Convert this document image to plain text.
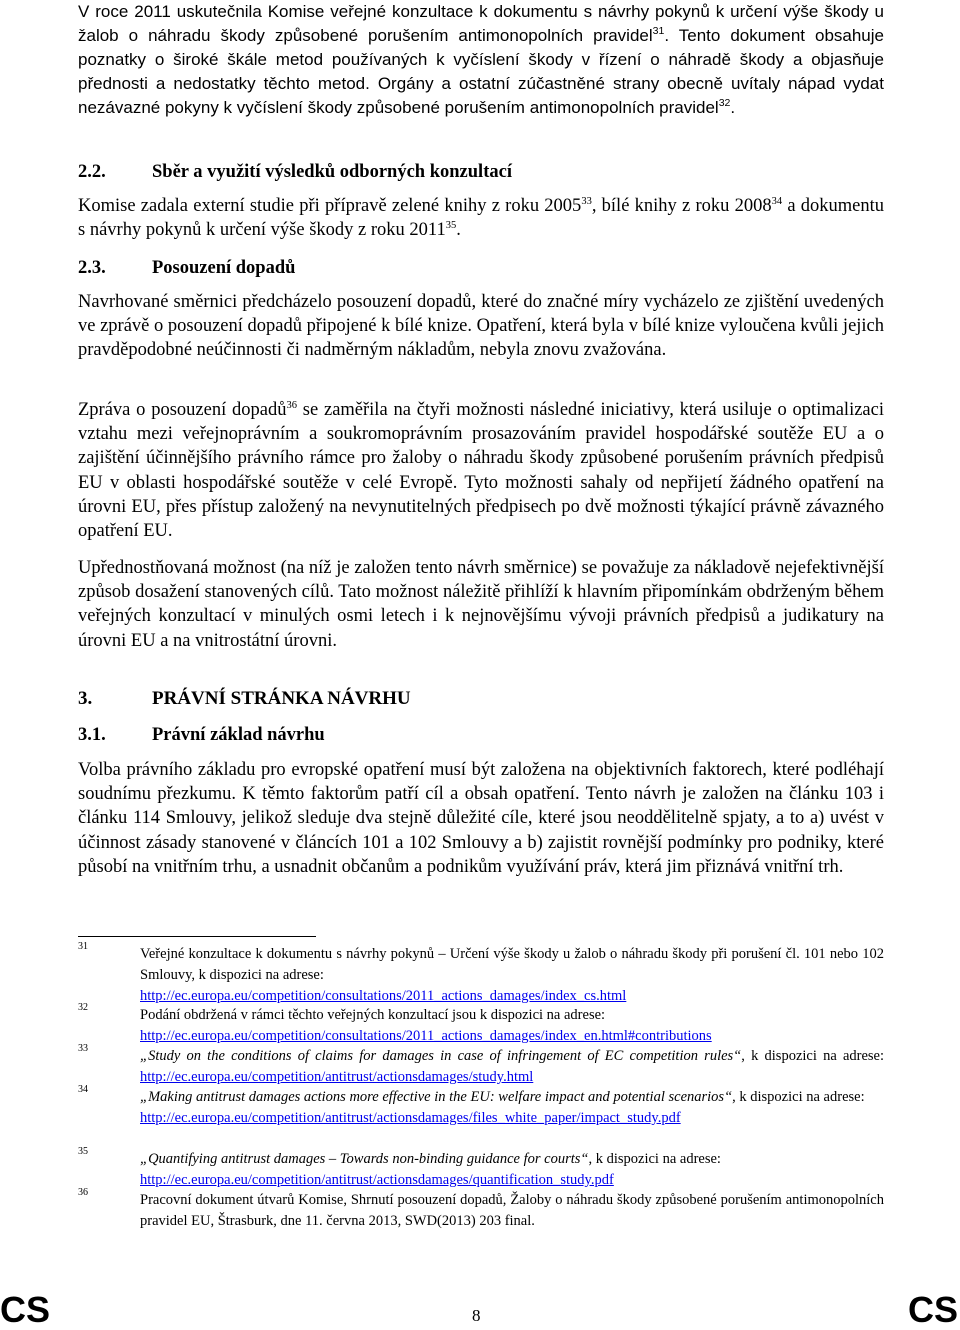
V roce 2011 uskutečnila Komise veřejné konzultace k dokumentu s návrhy pokynů k určení výše škody u žalob o náhradu škody způsobené porušením antimonopolních pravidel$^{31}$. Tento dokument obsahuje poznatky o široké škále metod používaných k vyčíslení škody v řízení o náhradě škody a objasňuje přednosti a nedostatky těchto metod. Orgány a ostatní zúčastněné strany obecně uvítaly nápad vydat nezávazné pokyny k vyčíslení škody způsobené porušením antimonopolních pravidel$^{32}$.

2.2.	Sběr a využití výsledků odborných konzultací

Komise zadala externí studie při přípravě zelené knihy z roku 2005$^{33}$, bílé knihy z roku 2008$^{34}$ a dokumentu s návrhy pokynů k určení výše škody z roku 2011$^{35}$.

2.3.	Posouzení dopadů

Navrhované směrnici předcházelo posouzení dopadů, které do značné míry vycházelo ze zjištění uvedených ve zprávě o posouzení dopadů připojené k bílé knize. Opatření, která byla v bílé knize vyloučena kvůli jejich pravděpodobné neúčinnosti či nadměrným nákladům, nebyla znovu zvažována.

Zpráva o posouzení dopadů$^{36}$ se zaměřila na čtyři možnosti následné iniciativy, která usiluje o optimalizaci vztahu mezi veřejnoprávním a soukromoprávním prosazováním pravidel hospodářské soutěže EU a o zajištění účinnějšího právního rámce pro žaloby o náhradu škody způsobené porušením právních předpisů EU v oblasti hospodářské soutěže v celé Evropě. Tyto možnosti sahaly od nepřijetí žádného opatření na úrovni EU, přes přístup založený na nevynutitelných předpisech po dvě možnosti týkající právně závazného opatření EU.

Upřednostňovaná možnost (na níž je založen tento návrh směrnice) se považuje za nákladově nejefektivnější způsob dosažení stanovených cílů. Tato možnost náležitě přihlíží k hlavním připomínkám obdrženým během veřejných konzultací v minulých osmi letech i k nejnovějšímu vývoji právních předpisů a judikatury na úrovni EU a na vnitrostátní úrovni.

3.	PRÁVNÍ STRÁNKA NÁVRHU
3.1.	Právní základ návrhu

Volba právního základu pro evropské opatření musí být založena na objektivních faktorech, které podléhají soudnímu přezkumu. K těmto faktorům patří cíl a obsah opatření. Tento návrh je založen na článku 103 i článku 114 Smlouvy, jelikož sleduje dva stejně důležité cíle, které jsou neoddělitelně spjaty, a to a) uvést v účinnost zásady stanovené v článcích 101 a 102 Smlouvy a b) zajistit rovnější podmínky pro podniky, které působí na vnitřním trhu, a usnadnit občanům a podnikům využívání práv, která jim přiznává vnitřní trh.

31	Veřejné konzultace k dokumentu s návrhy pokynů – Určení výše škody u žalob o náhradu škody při porušení čl. 101 nebo 102 Smlouvy, k dispozici na adrese:
http://ec.europa.eu/competition/consultations/2011_actions_damages/index_cs.html
32	Podání obdržená v rámci těchto veřejných konzultací jsou k dispozici na adrese:
http://ec.europa.eu/competition/consultations/2011_actions_damages/index_en.html#contributions
33	„Study on the conditions of claims for damages in case of infringement of EC competition rules“, k dispozici na adrese: http://ec.europa.eu/competition/antitrust/actionsdamages/study.html
34	„Making antitrust damages actions more effective in the EU: welfare impact and potential scenarios“, k dispozici na adrese:
http://ec.europa.eu/competition/antitrust/actionsdamages/files_white_paper/impact_study.pdf
35	„Quantifying antitrust damages – Towards non-binding guidance for courts“, k dispozici na adrese:
http://ec.europa.eu/competition/antitrust/actionsdamages/quantification_study.pdf
36	Pracovní dokument útvarů Komise, Shrnutí posouzení dopadů, Žaloby o náhradu škody způsobené porušením antimonopolních pravidel EU, Štrasburk, dne 11. června 2013, SWD(2013) 203 final.
CS	8	CS
